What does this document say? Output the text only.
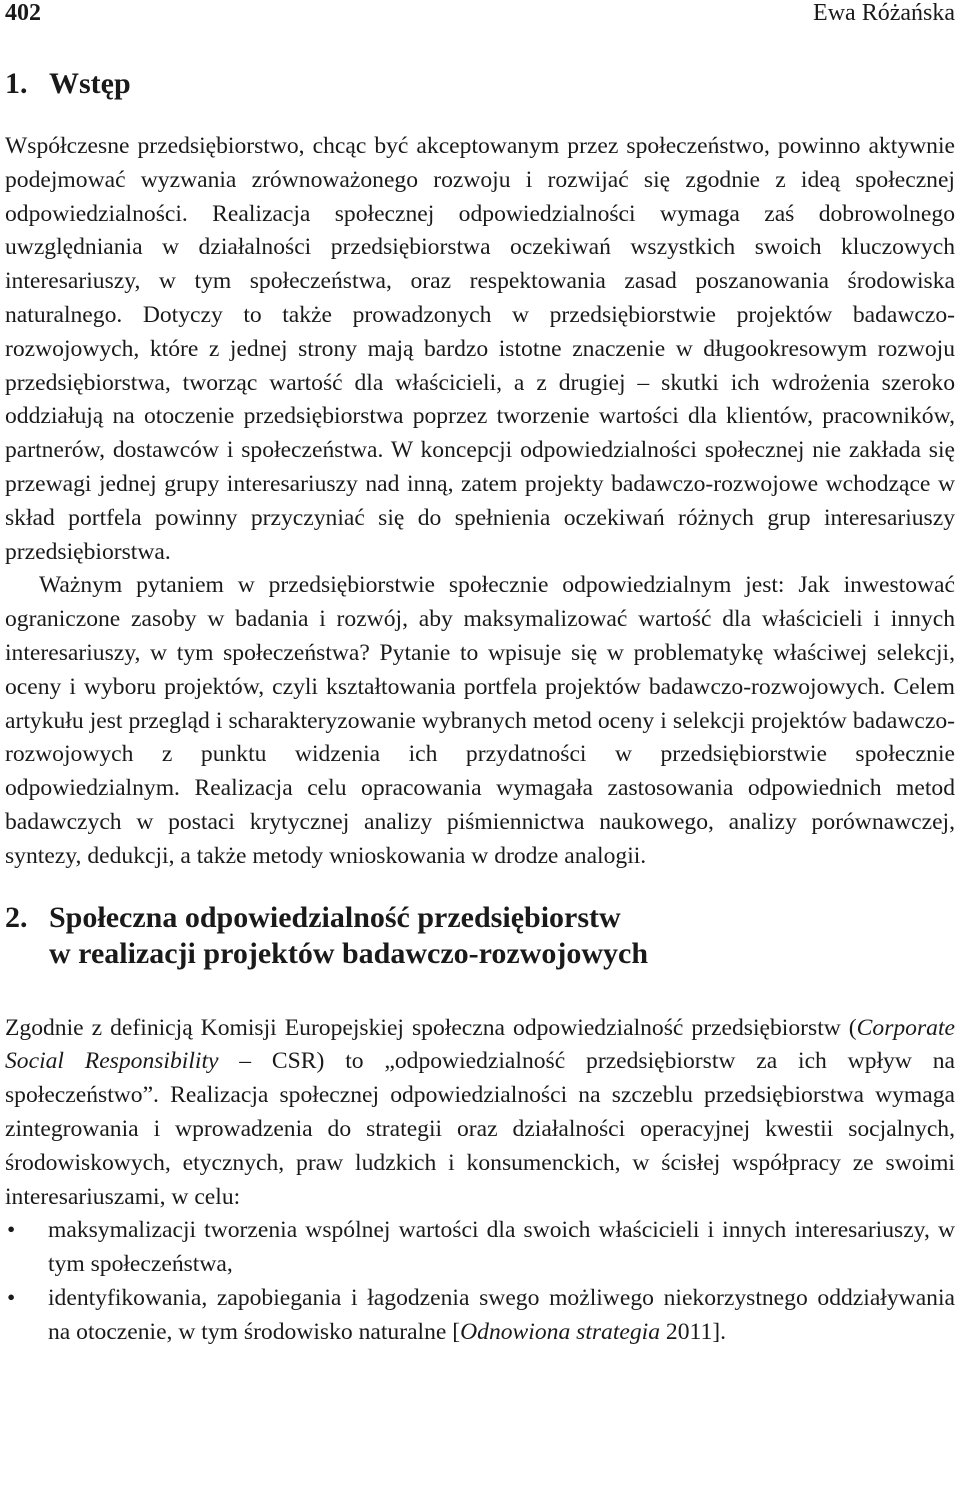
402	Ewa Różańska
1. Wstęp

Współczesne przedsiębiorstwo, chcąc być akceptowanym przez społeczeństwo, powinno aktywnie podejmować wyzwania zrównoważonego rozwoju i rozwijać się zgodnie z ideą społecznej odpowiedzialności. Realizacja społecznej odpowiedzialności wymaga zaś dobrowolnego uwzględniania w działalności przedsiębiorstwa oczekiwań wszystkich swoich kluczowych interesariuszy, w tym społeczeństwa, oraz respektowania zasad poszanowania środowiska naturalnego. Dotyczy to także prowadzonych w przedsiębiorstwie projektów badawczo-rozwojowych, które z jednej strony mają bardzo istotne znaczenie w długookresowym rozwoju przedsiębiorstwa, tworząc wartość dla właścicieli, a z drugiej – skutki ich wdrożenia szeroko oddziałują na otoczenie przedsiębiorstwa poprzez tworzenie wartości dla klientów, pracowników, partnerów, dostawców i społeczeństwa. W koncepcji odpowiedzialności społecznej nie zakłada się przewagi jednej grupy interesariuszy nad inną, zatem projekty badawczo-rozwojowe wchodzące w skład portfela powinny przyczyniać się do spełnienia oczekiwań różnych grup interesariuszy przedsiębiorstwa.

Ważnym pytaniem w przedsiębiorstwie społecznie odpowiedzialnym jest: Jak inwestować ograniczone zasoby w badania i rozwój, aby maksymalizować wartość dla właścicieli i innych interesariuszy, w tym społeczeństwa? Pytanie to wpisuje się w problematykę właściwej selekcji, oceny i wyboru projektów, czyli kształtowania portfela projektów badawczo-rozwojowych. Celem artykułu jest przegląd i scharakteryzowanie wybranych metod oceny i selekcji projektów badawczo-rozwojowych z punktu widzenia ich przydatności w przedsiębiorstwie społecznie odpowiedzialnym. Realizacja celu opracowania wymagała zastosowania odpowiednich metod badawczych w postaci krytycznej analizy piśmiennictwa naukowego, analizy porównawczej, syntezy, dedukcji, a także metody wnioskowania w drodze analogii.

2. Społeczna odpowiedzialność przedsiębiorstw
w realizacji projektów badawczo-rozwojowych

Zgodnie z definicją Komisji Europejskiej społeczna odpowiedzialność przedsiębiorstw (Corporate Social Responsibility – CSR) to „odpowiedzialność przedsiębiorstw za ich wpływ na społeczeństwo”. Realizacja społecznej odpowiedzialności na szczeblu przedsiębiorstwa wymaga zintegrowania i wprowadzenia do strategii oraz działalności operacyjnej kwestii socjalnych, środowiskowych, etycznych, praw ludzkich i konsumenckich, w ścisłej współpracy ze swoimi interesariuszami, w celu:

• maksymalizacji tworzenia wspólnej wartości dla swoich właścicieli i innych interesariuszy, w tym społeczeństwa,
• identyfikowania, zapobiegania i łagodzenia swego możliwego niekorzystnego oddziaływania na otoczenie, w tym środowisko naturalne [Odnowiona strategia 2011].
